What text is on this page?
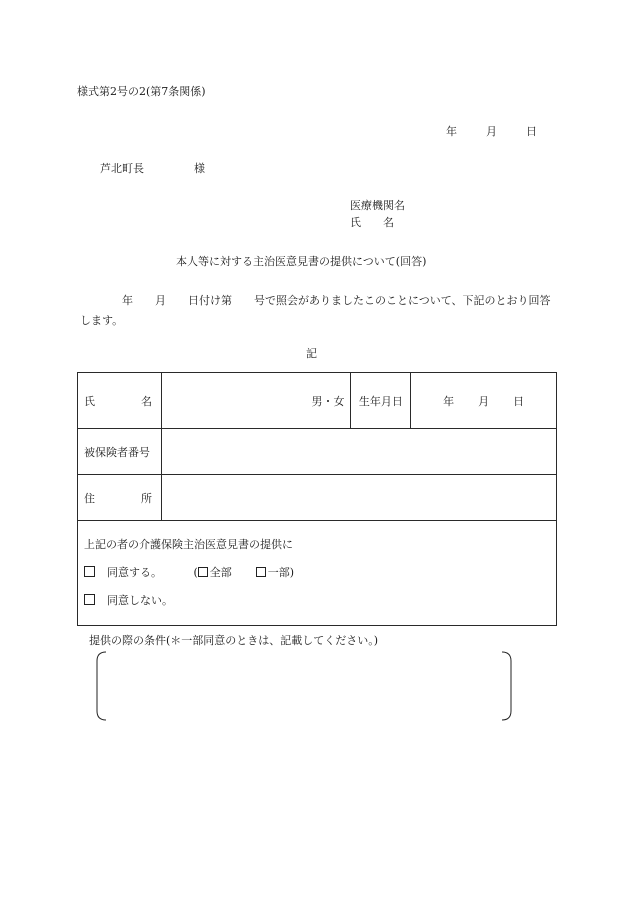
様式第2号の2(第7条関係)
年	月	日
芦北町長	様
医療機関名
氏　　名
本人等に対する主治医意見書の提供について(回答)
年　　月　　日付け第　　号で照会がありましたこのことについて、下記のとおり回答します。
記
氏 名	男・女	生年月日	年 月 日
被保険者番号			

住 所			

上記の者の介護保険主治医意見書の提供に
同意する。 ( 全部 一部)
同意しない。			
提供の際の条件(＊一部同意のときは、記載してください。)
